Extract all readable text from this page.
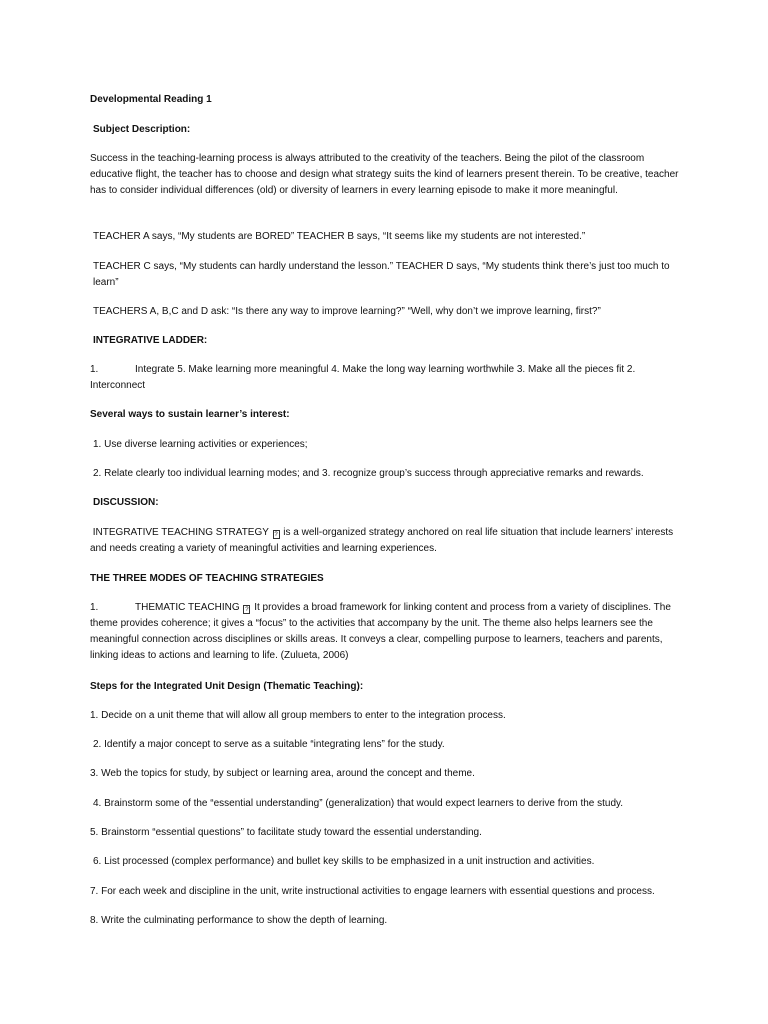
Developmental Reading 1

Subject Description:

Success in the teaching-learning process is always attributed to the creativity of the teachers. Being the pilot of the classroom educative flight, the teacher has to choose and design what strategy suits the kind of learners present therein. To be creative, teacher has to consider individual differences (old) or diversity of learners in every learning episode to make it more meaningful.

TEACHER A says, “My students are BORED” TEACHER B says, “It seems like my students are not interested.”

TEACHER C says, “My students can hardly understand the lesson.” TEACHER D says, “My students think there’s just too much to learn”

TEACHERS A, B,C and D ask: “Is there any way to improve learning?” “Well, why don’t we improve learning, first?”

INTEGRATIVE LADDER:

1.	Integrate 5. Make learning more meaningful 4. Make the long way learning worthwhile 3. Make all the pieces fit 2. Interconnect

Several ways to sustain learner’s interest:

1. Use diverse learning activities or experiences;

2. Relate clearly too individual learning modes; and 3. recognize group’s success through appreciative remarks and rewards.

DISCUSSION:

INTEGRATIVE TEACHING STRATEGY ? is a well-organized strategy anchored on real life situation that include learners’ interests and needs creating a variety of meaningful activities and learning experiences.

THE THREE MODES OF TEACHING STRATEGIES

1.	THEMATIC TEACHING ? It provides a broad framework for linking content and process from a variety of disciplines. The theme provides coherence; it gives a “focus” to the activities that accompany by the unit. The theme also helps learners see the meaningful connection across disciplines or skills areas. It conveys a clear, compelling purpose to learners, teachers and parents, linking ideas to actions and learning to life. (Zulueta, 2006)

Steps for the Integrated Unit Design (Thematic Teaching):

1. Decide on a unit theme that will allow all group members to enter to the integration process.

2. Identify a major concept to serve as a suitable “integrating lens” for the study.

3. Web the topics for study, by subject or learning area, around the concept and theme.

4. Brainstorm some of the “essential understanding” (generalization) that would expect learners to derive from the study.

5. Brainstorm “essential questions” to facilitate study toward the essential understanding.

6. List processed (complex performance) and bullet key skills to be emphasized in a unit instruction and activities.

7. For each week and discipline in the unit, write instructional activities to engage learners with essential questions and process.

8. Write the culminating performance to show the depth of learning.
